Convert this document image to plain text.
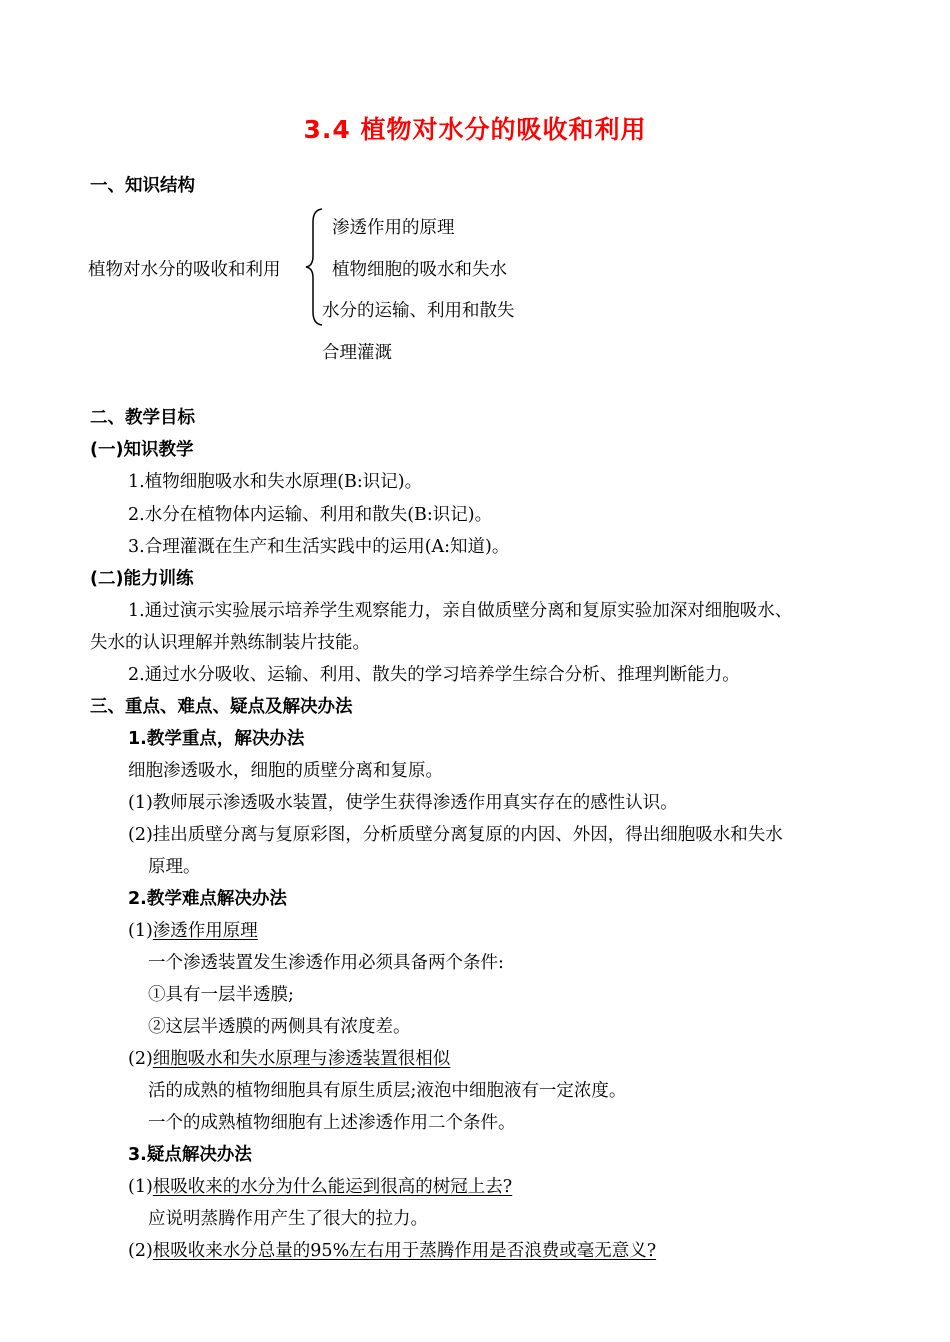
3.4 植物对水分的吸收和利用
一、知识结构
植物对水分的吸收和利用
渗透作用的原理
植物细胞的吸水和失水
水分的运输、利用和散失
合理灌溉
二、教学目标
(一)知识教学
1.植物细胞吸水和失水原理(B:识记)。
2.水分在植物体内运输、利用和散失(B:识记)。
3.合理灌溉在生产和生活实践中的运用(A:知道)。
(二)能力训练
1.通过演示实验展示培养学生观察能力，亲自做质壁分离和复原实验加深对细胞吸水、
失水的认识理解并熟练制装片技能。
2.通过水分吸收、运输、利用、散失的学习培养学生综合分析、推理判断能力。
三、重点、难点、疑点及解决办法
1.教学重点，解决办法
细胞渗透吸水，细胞的质壁分离和复原。
(1)教师展示渗透吸水装置，使学生获得渗透作用真实存在的感性认识。
(2)挂出质壁分离与复原彩图，分析质壁分离复原的内因、外因，得出细胞吸水和失水
原理。
2.教学难点解决办法
(1)渗透作用原理
一个渗透装置发生渗透作用必须具备两个条件:
①具有一层半透膜;
②这层半透膜的两侧具有浓度差。
(2)细胞吸水和失水原理与渗透装置很相似
活的成熟的植物细胞具有原生质层;液泡中细胞液有一定浓度。
一个的成熟植物细胞有上述渗透作用二个条件。
3.疑点解决办法
(1)根吸收来的水分为什么能运到很高的树冠上去?
应说明蒸腾作用产生了很大的拉力。
(2)根吸收来水分总量的95%左右用于蒸腾作用是否浪费或毫无意义?
